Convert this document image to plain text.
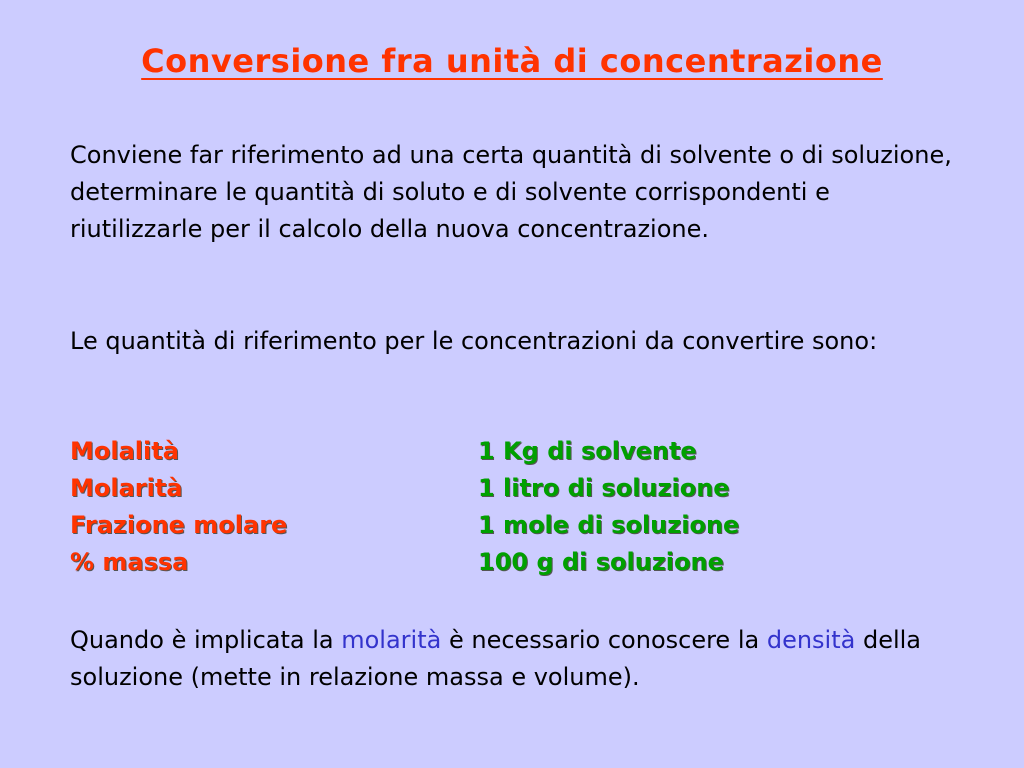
Conversione fra unità di concentrazione
Conviene far riferimento ad una certa quantità di solvente o di soluzione, determinare le quantità di soluto e di solvente corrispondenti e riutilizzarle per il calcolo della nuova concentrazione.
Le quantità di riferimento per le concentrazioni da convertire sono:
Molalità	1 Kg di solvente
Molarità	1 litro di soluzione
Frazione molare	1 mole di soluzione
% massa	100 g di soluzione
Quando è implicata la molarità è necessario conoscere la densità della soluzione (mette in relazione massa e volume).
